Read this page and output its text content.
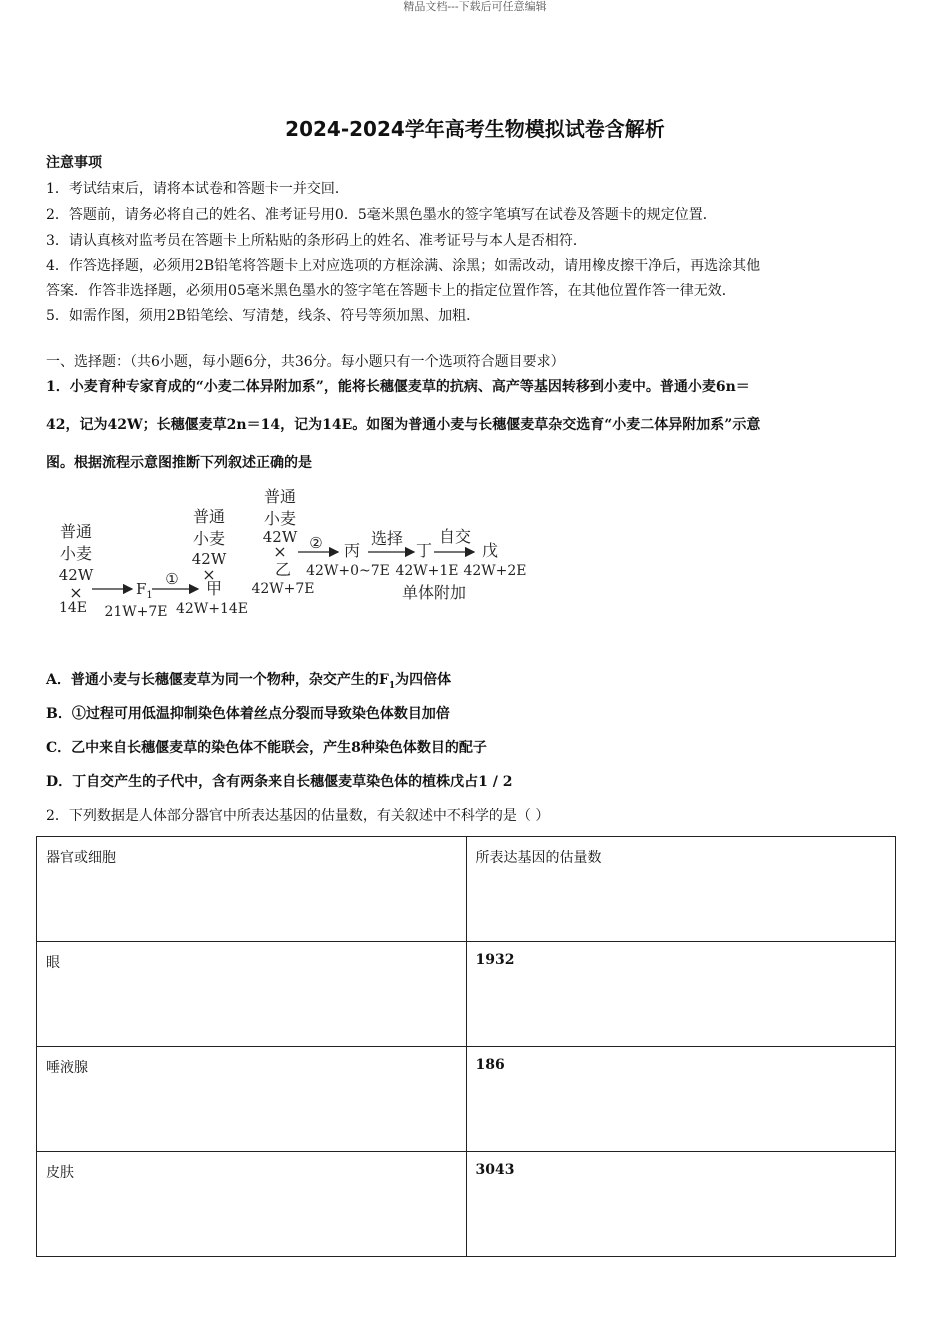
精品文档---下载后可任意编辑
2024-2024学年高考生物模拟试卷含解析
注意事项
1．考试结束后，请将本试卷和答题卡一并交回．
2．答题前，请务必将自己的姓名、准考证号用0．5毫米黑色墨水的签字笔填写在试卷及答题卡的规定位置．
3．请认真核对监考员在答题卡上所粘贴的条形码上的姓名、准考证号与本人是否相符．
4．作答选择题，必须用2B铅笔将答题卡上对应选项的方框涂满、涂黑；如需改动，请用橡皮擦干净后，再选涂其他
答案．作答非选择题，必须用05毫米黑色墨水的签字笔在答题卡上的指定位置作答，在其他位置作答一律无效．
5．如需作图，须用2B铅笔绘、写清楚，线条、符号等须加黑、加粗．
一、选择题：（共6小题，每小题6分，共36分。每小题只有一个选项符合题目要求）
1．小麦育种专家育成的“小麦二体异附加系”，能将长穗偃麦草的抗病、高产等基因转移到小麦中。普通小麦6n＝
42，记为42W；长穗偃麦草2n＝14，记为14E。如图为普通小麦与长穗偃麦草杂交选育“小麦二体异附加系”示意
图。根据流程示意图推断下列叙述正确的是
普通
小麦
42W
×
14E
$F_1$
21W+7E
①
普通
小麦
42W
×
甲
42W+14E
普通
小麦
42W
×
乙
42W+7E
② 丙
42W+0~7E
选择
丁
42W+1E
单体附加
自交
戊
42W+2E
A．普通小麦与长穗偃麦草为同一个物种，杂交产生的$F_1$为四倍体
B．①过程可用低温抑制染色体着丝点分裂而导致染色体数目加倍
C．乙中来自长穗偃麦草的染色体不能联会，产生8种染色体数目的配子
D．丁自交产生的子代中，含有两条来自长穗偃麦草染色体的植株戊占1 / 2
2．下列数据是人体部分器官中所表达基因的估量数，有关叙述中不科学的是（ ）
器官或细胞	所表达基因的估量数
眼	1932
唾液腺	186
皮肤	3043
